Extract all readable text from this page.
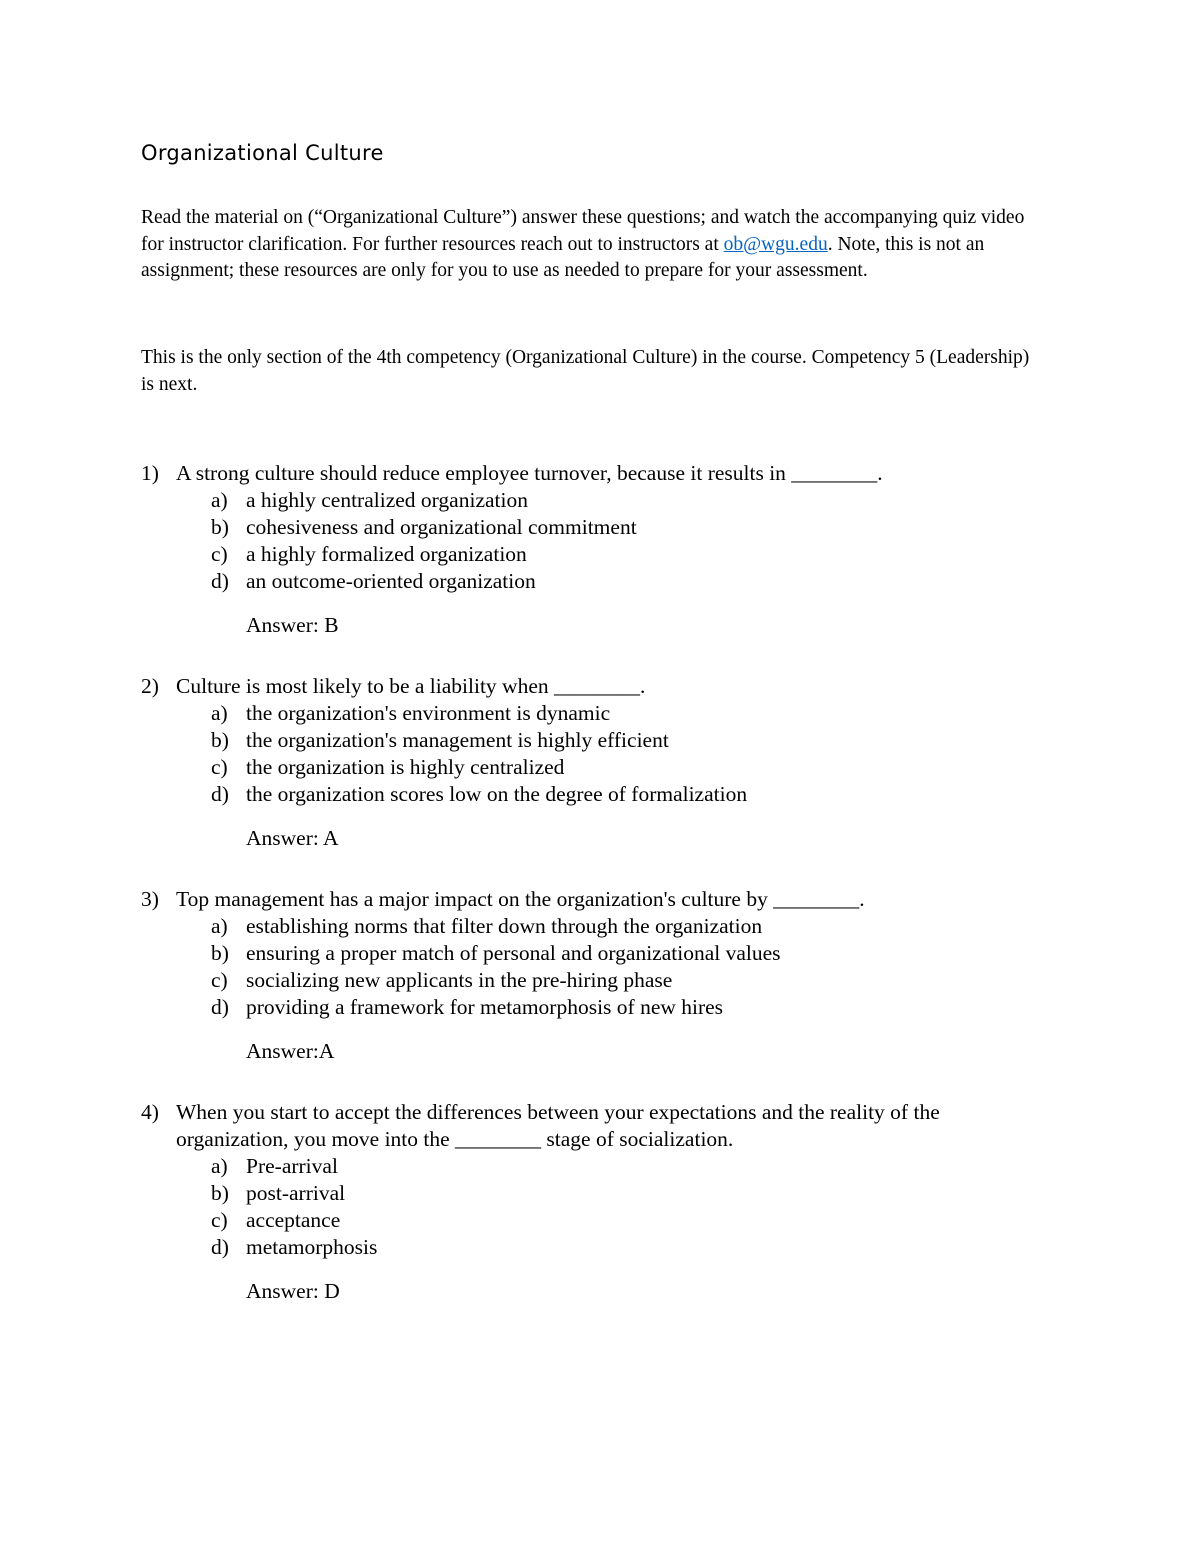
Organizational Culture

Read the material on (“Organizational Culture”) answer these questions; and watch the accompanying quiz video for instructor clarification. For further resources reach out to instructors at ob@wgu.edu. Note, this is not an assignment; these resources are only for you to use as needed to prepare for your assessment.

This is the only section of the 4th competency (Organizational Culture) in the course. Competency 5 (Leadership) is next.

1) A strong culture should reduce employee turnover, because it results in ________.
a) a highly centralized organization
b) cohesiveness and organizational commitment
c) a highly formalized organization
d) an outcome-oriented organization
Answer: B
2) Culture is most likely to be a liability when ________.
a) the organization's environment is dynamic
b) the organization's management is highly efficient
c) the organization is highly centralized
d) the organization scores low on the degree of formalization
Answer: A
3) Top management has a major impact on the organization's culture by ________.
a) establishing norms that filter down through the organization
b) ensuring a proper match of personal and organizational values
c) socializing new applicants in the pre-hiring phase
d) providing a framework for metamorphosis of new hires
Answer:A
4) When you start to accept the differences between your expectations and the reality of the organization, you move into the ________ stage of socialization.
a) Pre-arrival
b) post-arrival
c) acceptance
d) metamorphosis
Answer: D
